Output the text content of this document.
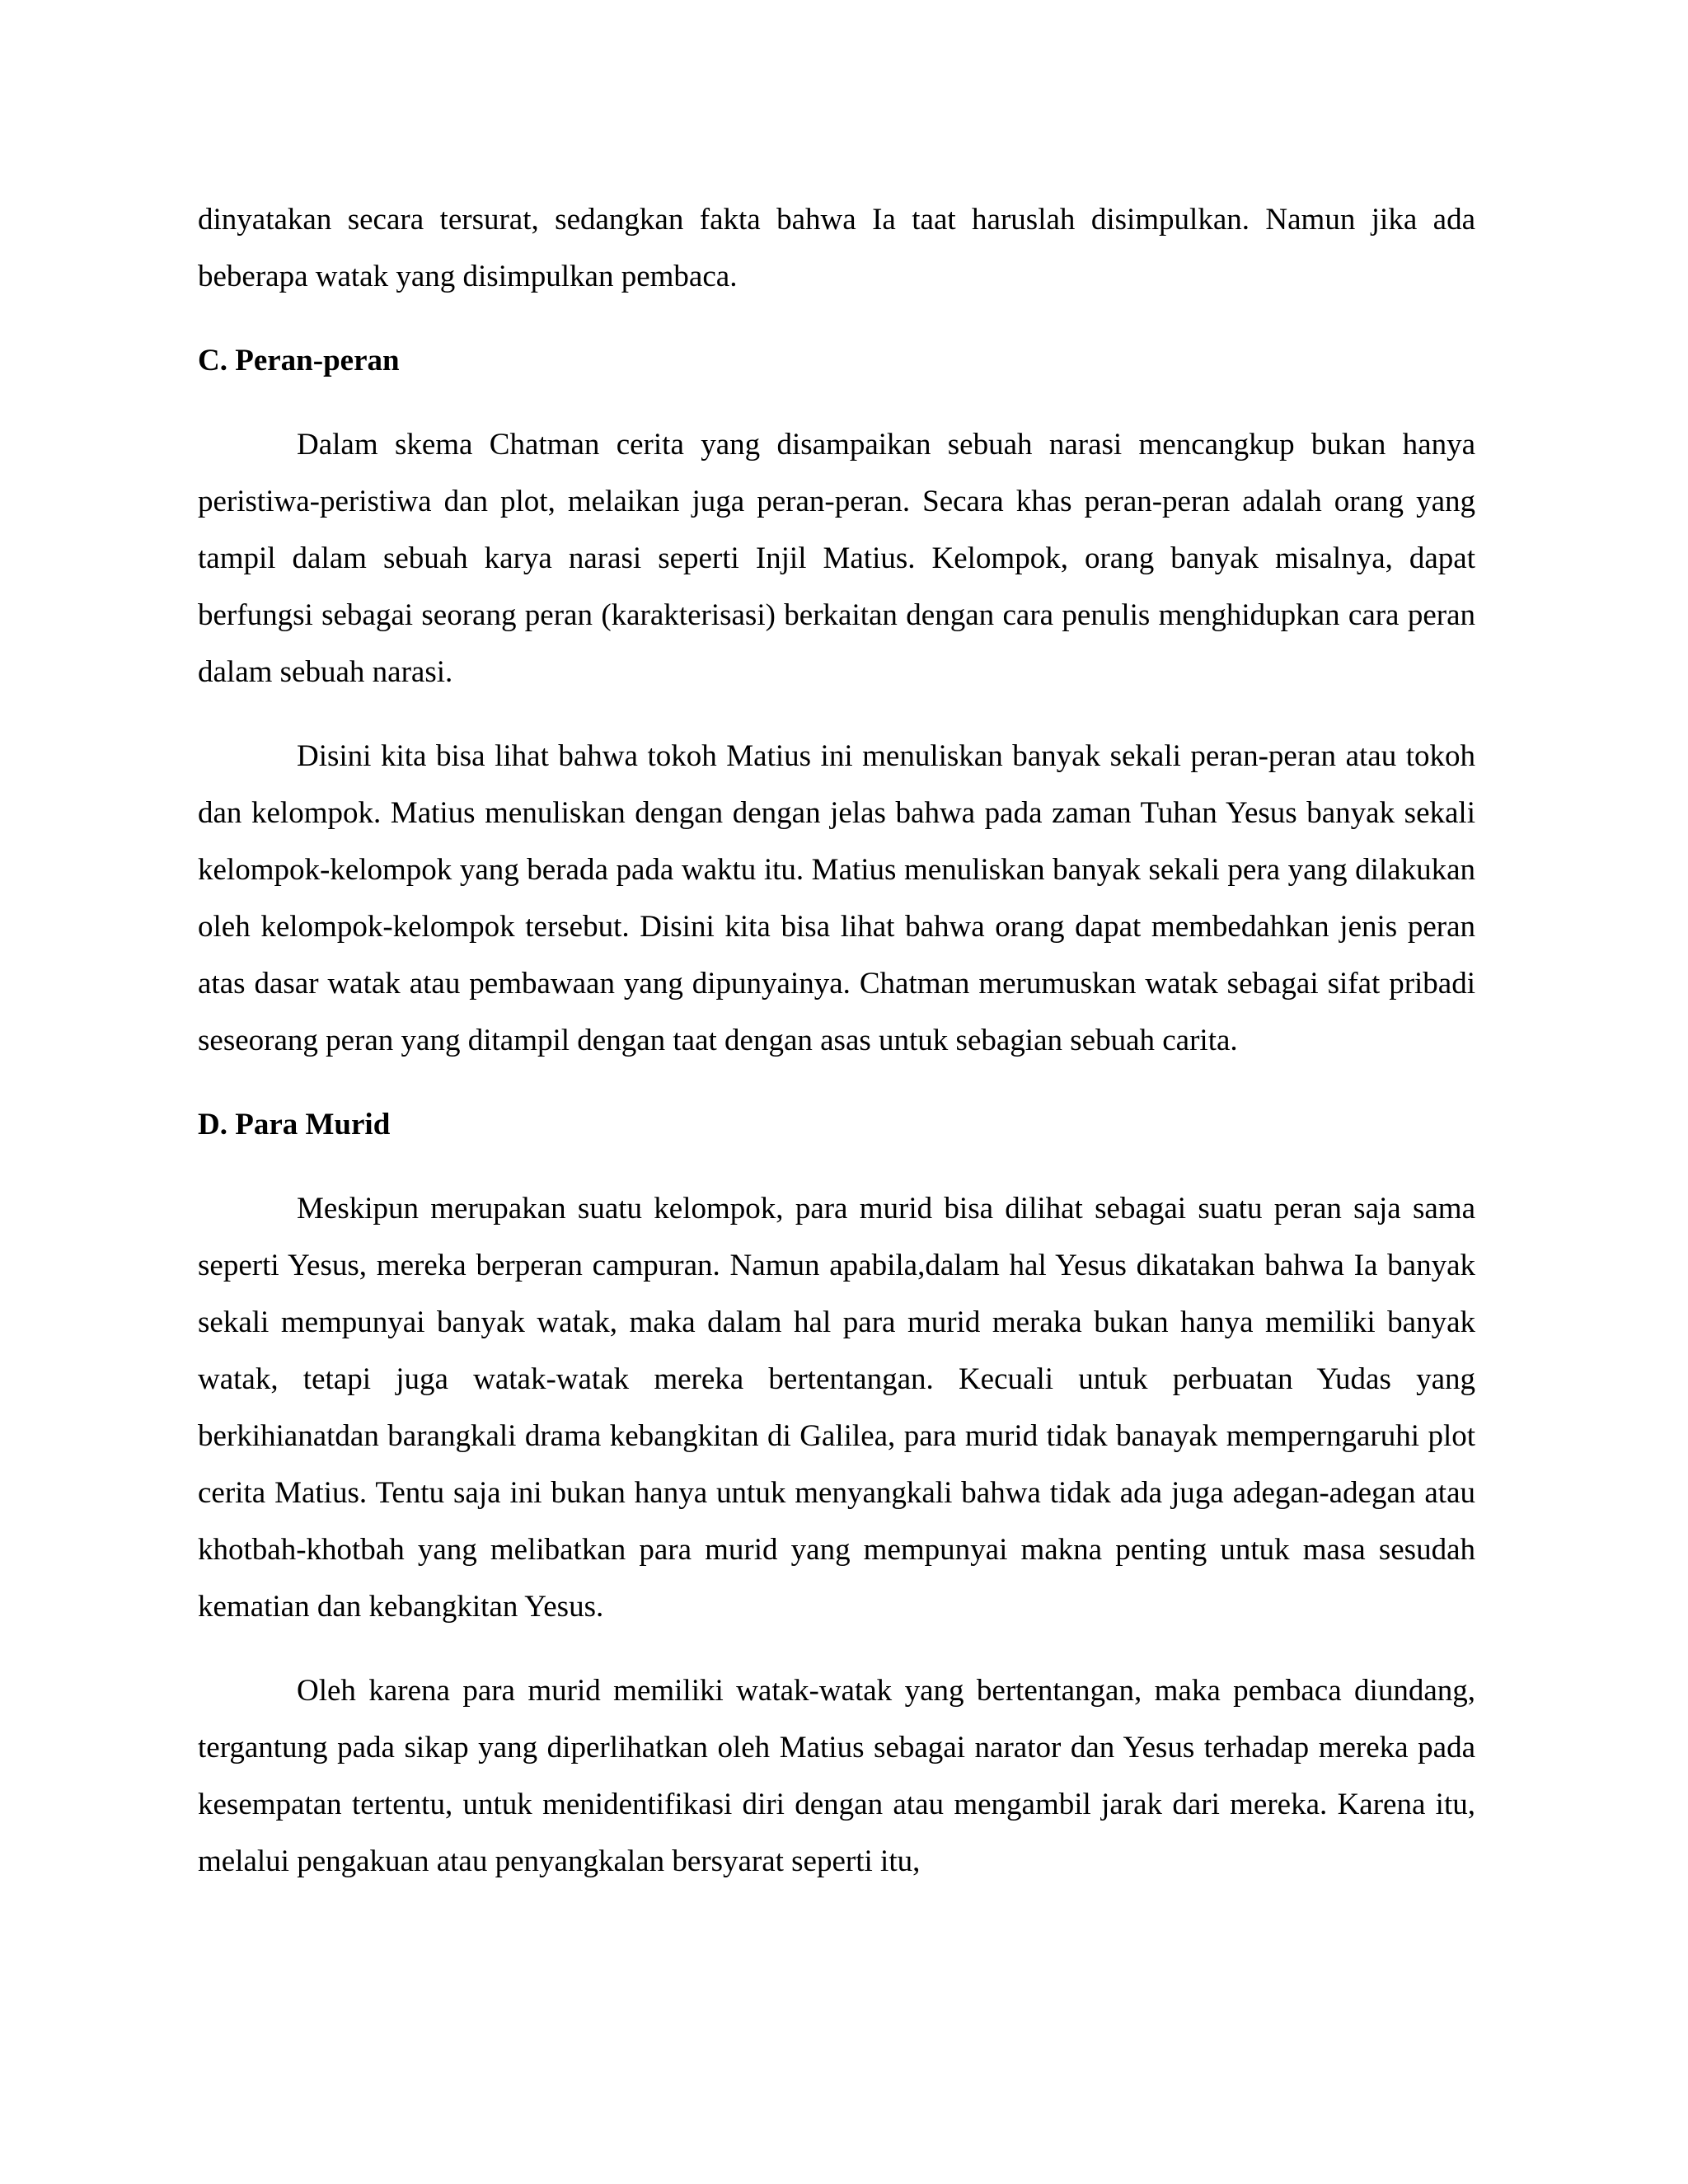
dinyatakan secara tersurat, sedangkan fakta bahwa Ia taat haruslah disimpulkan. Namun jika ada beberapa watak yang disimpulkan pembaca.

C. Peran-peran

Dalam skema Chatman cerita yang disampaikan sebuah narasi mencangkup bukan hanya peristiwa-peristiwa dan plot, melaikan juga peran-peran. Secara khas peran-peran adalah orang yang tampil dalam sebuah karya narasi seperti Injil Matius. Kelompok, orang banyak misalnya, dapat berfungsi sebagai seorang peran (karakterisasi) berkaitan dengan cara penulis menghidupkan cara peran dalam sebuah narasi.

Disini kita bisa lihat bahwa tokoh Matius ini menuliskan banyak sekali peran-peran atau tokoh dan kelompok. Matius menuliskan dengan dengan jelas bahwa pada zaman Tuhan Yesus banyak sekali kelompok-kelompok yang berada pada waktu itu. Matius menuliskan banyak sekali pera yang dilakukan oleh kelompok-kelompok tersebut. Disini kita bisa lihat bahwa orang dapat membedahkan jenis peran atas dasar watak atau pembawaan yang dipunyainya. Chatman merumuskan watak sebagai sifat pribadi seseorang peran yang ditampil dengan taat dengan asas untuk sebagian sebuah carita.

D. Para Murid

Meskipun merupakan suatu kelompok, para murid bisa dilihat sebagai suatu peran saja sama seperti Yesus, mereka berperan campuran. Namun apabila,dalam hal Yesus dikatakan bahwa Ia banyak sekali mempunyai banyak watak, maka dalam hal para murid meraka bukan hanya memiliki banyak watak, tetapi juga watak-watak mereka bertentangan. Kecuali untuk perbuatan Yudas yang berkihianatdan barangkali drama kebangkitan di Galilea, para murid tidak banayak memperngaruhi plot cerita Matius. Tentu saja ini bukan hanya untuk menyangkali bahwa tidak ada juga adegan-adegan atau khotbah-khotbah yang melibatkan para murid yang mempunyai makna penting untuk masa sesudah kematian dan kebangkitan Yesus.

Oleh karena para murid memiliki watak-watak yang bertentangan, maka pembaca diundang, tergantung pada sikap yang diperlihatkan oleh Matius sebagai narator dan Yesus terhadap mereka pada kesempatan tertentu, untuk menidentifikasi diri dengan atau mengambil jarak dari mereka. Karena itu, melalui pengakuan atau penyangkalan bersyarat seperti itu,
